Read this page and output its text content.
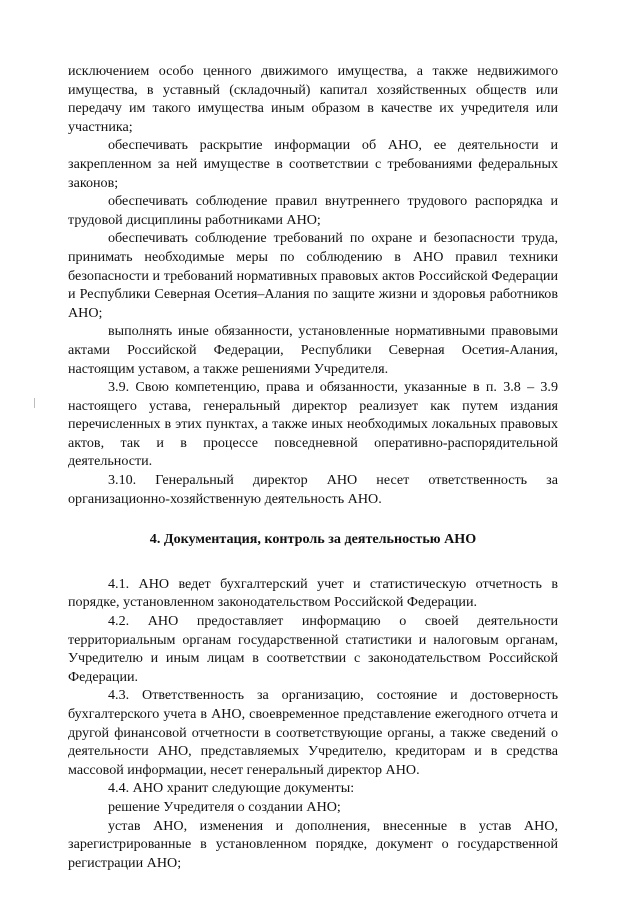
исключением особо ценного движимого имущества, а также недвижимого имущества, в уставный (складочный) капитал хозяйственных обществ или передачу им такого имущества иным образом в качестве их учредителя или участника;

обеспечивать раскрытие информации об АНО, ее деятельности и закрепленном за ней имуществе в соответствии с требованиями федеральных законов;

обеспечивать соблюдение правил внутреннего трудового распорядка и трудовой дисциплины работниками АНО;

обеспечивать соблюдение требований по охране и безопасности труда, принимать необходимые меры по соблюдению в АНО правил техники безопасности и требований нормативных правовых актов Российской Федерации и Республики Северная Осетия–Алания по защите жизни и здоровья работников АНО;

выполнять иные обязанности, установленные нормативными правовыми актами Российской Федерации, Республики Северная Осетия-Алания, настоящим уставом, а также решениями Учредителя.

3.9. Свою компетенцию, права и обязанности, указанные в п. 3.8 – 3.9 настоящего устава, генеральный директор реализует как путем издания перечисленных в этих пунктах, а также иных необходимых локальных правовых актов, так и в процессе повседневной оперативно-распорядительной деятельности.

3.10. Генеральный директор АНО несет ответственность за организационно-хозяйственную деятельность АНО.

4. Документация, контроль за деятельностью АНО

4.1. АНО ведет бухгалтерский учет и статистическую отчетность в порядке, установленном законодательством Российской Федерации.

4.2. АНО предоставляет информацию о своей деятельности территориальным органам государственной статистики и налоговым органам, Учредителю и иным лицам в соответствии с законодательством Российской Федерации.

4.3. Ответственность за организацию, состояние и достоверность бухгалтерского учета в АНО, своевременное представление ежегодного отчета и другой финансовой отчетности в соответствующие органы, а также сведений о деятельности АНО, представляемых Учредителю, кредиторам и в средства массовой информации, несет генеральный директор АНО.

4.4. АНО хранит следующие документы:

решение Учредителя о создании АНО;

устав АНО, изменения и дополнения, внесенные в устав АНО, зарегистрированные в установленном порядке, документ о государственной регистрации АНО;
